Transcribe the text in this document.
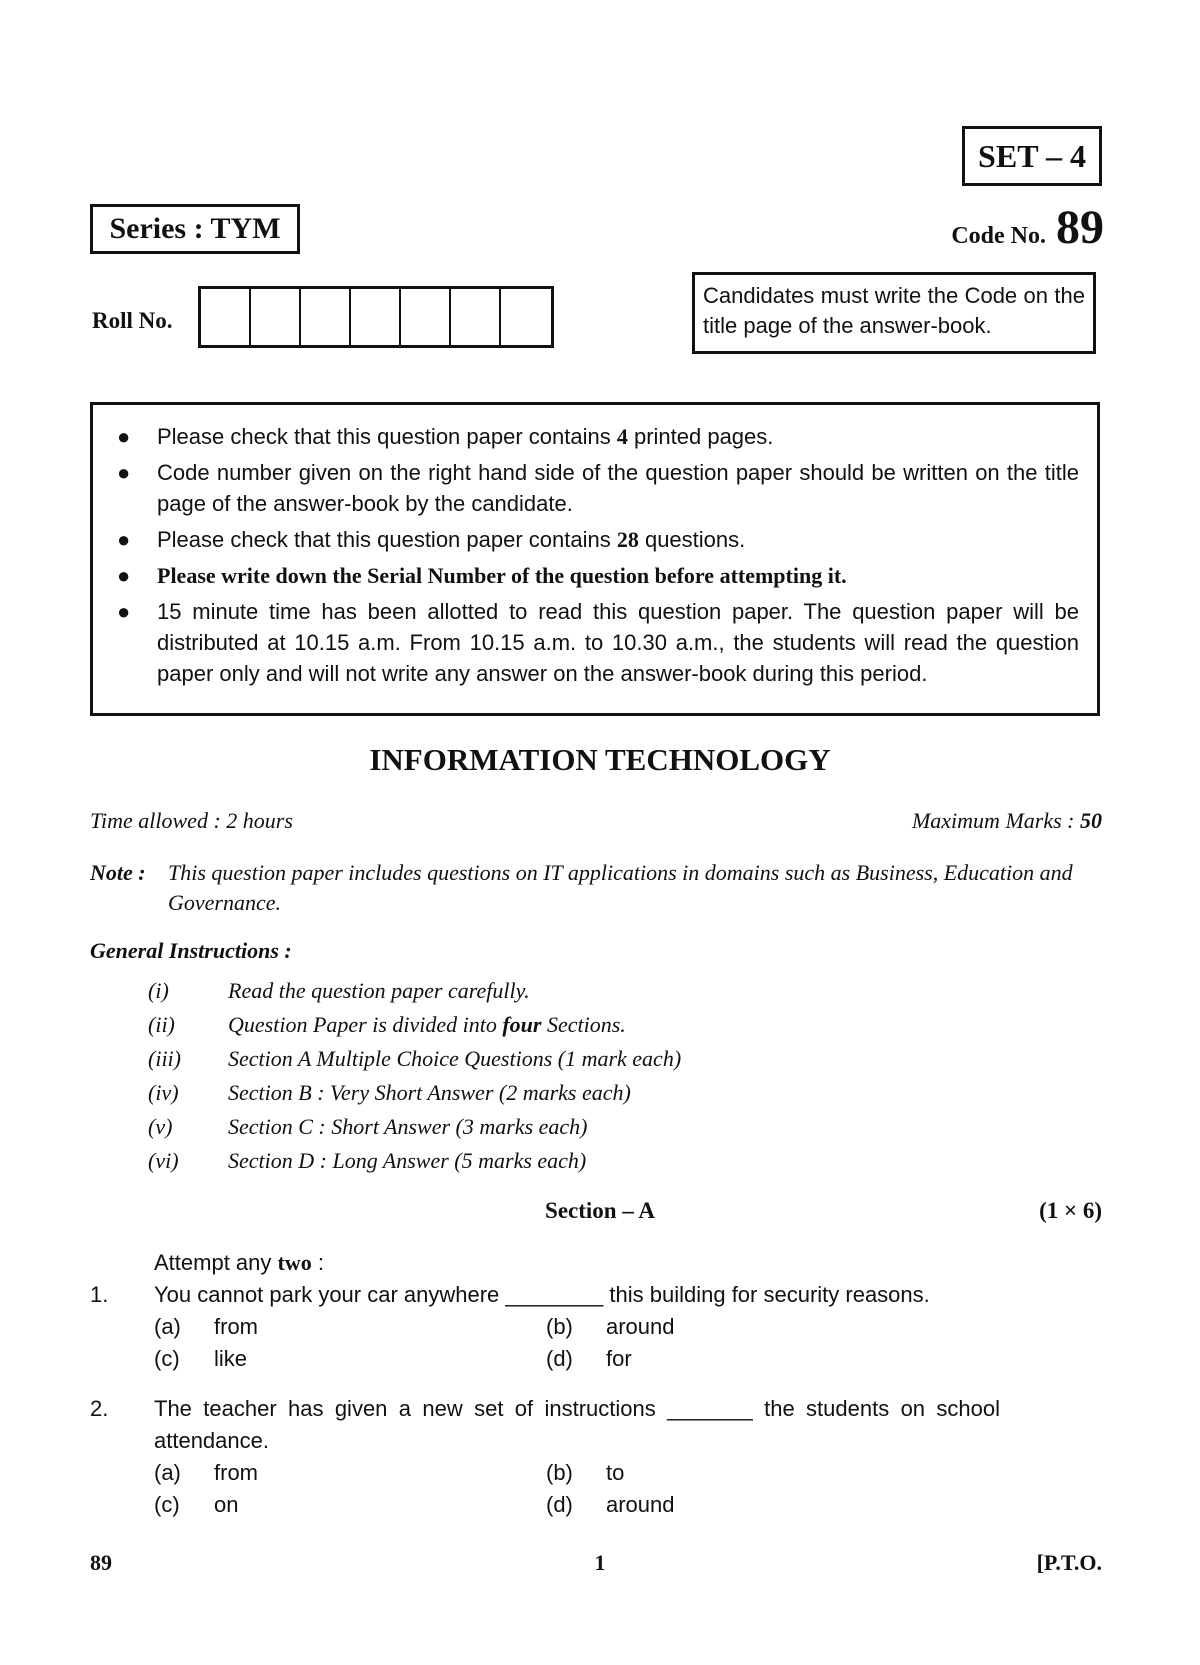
SET – 4
Series : TYM	Code No. 89
Roll No.
Candidates must write the Code on the title page of the answer-book.
● Please check that this question paper contains 4 printed pages.
● Code number given on the right hand side of the question paper should be written on the title page of the answer-book by the candidate.
● Please check that this question paper contains 28 questions.
● Please write down the Serial Number of the question before attempting it.
● 15 minute time has been allotted to read this question paper. The question paper will be distributed at 10.15 a.m. From 10.15 a.m. to 10.30 a.m., the students will read the question paper only and will not write any answer on the answer-book during this period.
INFORMATION TECHNOLOGY
Time allowed : 2 hours	Maximum Marks : 50
Note :	This question paper includes questions on IT applications in domains such as Business, Education and Governance.
General Instructions :
(i)	Read the question paper carefully.
(ii)	Question Paper is divided into four Sections.
(iii)	Section A Multiple Choice Questions (1 mark each)
(iv)	Section B : Very Short Answer (2 marks each)
(v)	Section C : Short Answer (3 marks each)
(vi)	Section D : Long Answer (5 marks each)
Section – A	(1 × 6)
Attempt any two :
1.	You cannot park your car anywhere ________ this building for security reasons.
(a)	from	(b)	around
(c)	like	(d)	for
2.	The teacher has given a new set of instructions _______ the students on school attendance.
(a)	from	(b)	to
(c)	on	(d)	around
89	1	[P.T.O.
